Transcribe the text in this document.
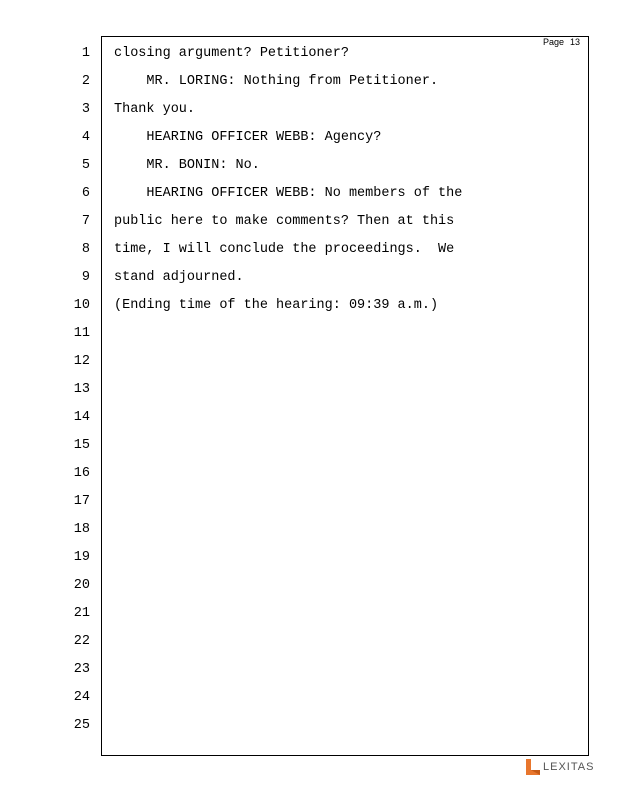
Page 13
1
2
3
4
5
6
7
8
9
10
11
12
13
14
15
16
17
18
19
20
21
22
23
24
25
closing argument? Petitioner?
MR. LORING: Nothing from Petitioner.
Thank you.
HEARING OFFICER WEBB: Agency?
MR. BONIN: No.
HEARING OFFICER WEBB: No members of the
public here to make comments? Then at this
time, I will conclude the proceedings.  We
stand adjourned.
(Ending time of the hearing: 09:39 a.m.)
LEXITAS
